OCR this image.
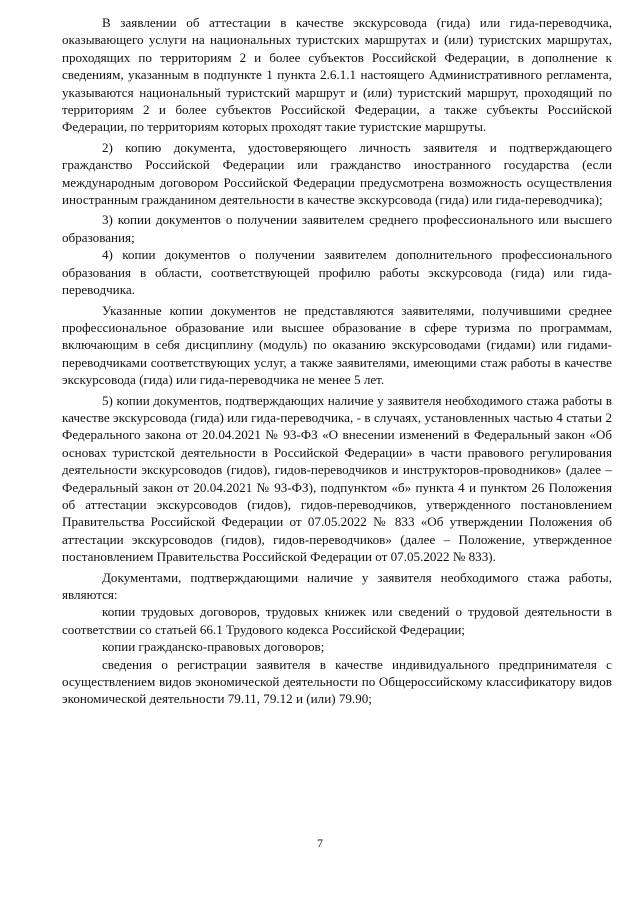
В заявлении об аттестации в качестве экскурсовода (гида) или гида-переводчика, оказывающего услуги на национальных туристских маршрутах и (или) туристских маршрутах, проходящих по территориям 2 и более субъектов Российской Федерации, в дополнение к сведениям, указанным в подпункте 1 пункта 2.6.1.1 настоящего Административного регламента, указываются национальный туристский маршрут и (или) туристский маршрут, проходящий по территориям 2 и более субъектов Российской Федерации, а также субъекты Российской Федерации, по территориям которых проходят такие туристские маршруты.

2) копию документа, удостоверяющего личность заявителя и подтверждающего гражданство Российской Федерации или гражданство иностранного государства (если международным договором Российской Федерации предусмотрена возможность осуществления иностранным гражданином деятельности в качестве экскурсовода (гида) или гида-переводчика);

3) копии документов о получении заявителем среднего профессионального или высшего образования;

4) копии документов о получении заявителем дополнительного профессионального образования в области, соответствующей профилю работы экскурсовода (гида) или гида-переводчика.

Указанные копии документов не представляются заявителями, получившими среднее профессиональное образование или высшее образование в сфере туризма по программам, включающим в себя дисциплину (модуль) по оказанию экскурсоводами (гидами) или гидами-переводчиками соответствующих услуг, а также заявителями, имеющими стаж работы в качестве экскурсовода (гида) или гида-переводчика не менее 5 лет.

5) копии документов, подтверждающих наличие у заявителя необходимого стажа работы в качестве экскурсовода (гида) или гида-переводчика, - в случаях, установленных частью 4 статьи 2 Федерального закона от 20.04.2021 № 93-ФЗ «О внесении изменений в Федеральный закон «Об основах туристской деятельности в Российской Федерации» в части правового регулирования деятельности экскурсоводов (гидов), гидов-переводчиков и инструкторов-проводников» (далее – Федеральный закон от 20.04.2021 № 93-ФЗ), подпунктом «б» пункта 4 и пунктом 26 Положения об аттестации экскурсоводов (гидов), гидов-переводчиков, утвержденного постановлением Правительства Российской Федерации от 07.05.2022 № 833 «Об утверждении Положения об аттестации экскурсоводов (гидов), гидов-переводчиков» (далее – Положение, утвержденное постановлением Правительства Российской Федерации от 07.05.2022 № 833).

Документами, подтверждающими наличие у заявителя необходимого стажа работы, являются:

копии трудовых договоров, трудовых книжек или сведений о трудовой деятельности в соответствии со статьей 66.1 Трудового кодекса Российской Федерации;

копии гражданско-правовых договоров;

сведения о регистрации заявителя в качестве индивидуального предпринимателя с осуществлением видов экономической деятельности по Общероссийскому классификатору видов экономической деятельности 79.11, 79.12 и (или) 79.90;

7
